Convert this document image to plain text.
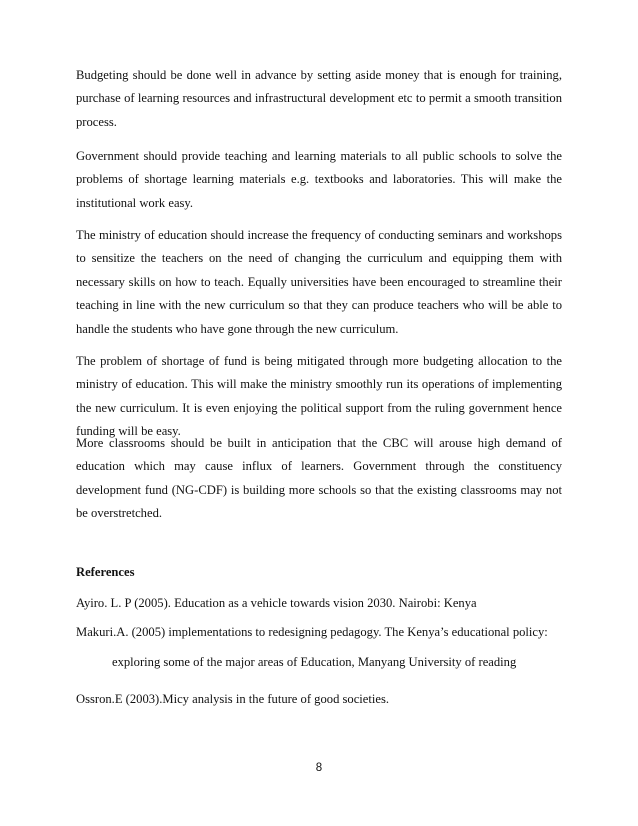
Budgeting should be done well in advance by setting aside money that is enough for training, purchase of learning resources and infrastructural development etc to permit a smooth transition process.

Government should provide teaching and learning materials to all public schools to solve the problems of shortage learning materials e.g. textbooks and laboratories. This will make the institutional work easy.

The ministry of education should increase the frequency of conducting seminars and workshops to sensitize the teachers on the need of changing the curriculum and equipping them with necessary skills on how to teach. Equally universities have been encouraged to streamline their teaching in line with the new curriculum so that they can produce teachers who will be able to handle the students who have gone through the new curriculum.

The problem of shortage of fund is being mitigated through more budgeting allocation to the ministry of education. This will make the ministry smoothly run its operations of implementing the new curriculum. It is even enjoying the political support from the ruling government hence funding will be easy.

More classrooms should be built in anticipation that the CBC will arouse high demand of education which may cause influx of learners. Government through the constituency development fund (NG-CDF) is building more schools so that the existing classrooms may not be overstretched.

References

Ayiro. L. P (2005). Education as a vehicle towards vision 2030. Nairobi: Kenya

Makuri.A. (2005) implementations to redesigning pedagogy. The Kenya’s educational policy:

exploring some of the major areas of Education, Manyang University of reading

Ossron.E (2003).Micy analysis in the future of good societies.

8
